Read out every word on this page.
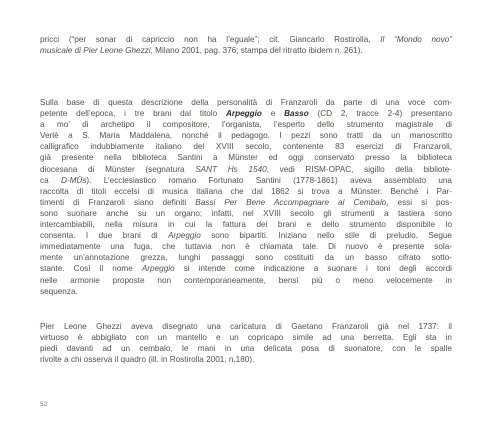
pricci (“per sonar di capriccio non ha l’eguale”; cit. Giancarlo Rostirolla, Il “Mondo novo”
musicale di Pier Leone Ghezzi, Milano 2001, pag. 376; stampa del ritratto ibidem n. 261).
Sulla base di questa descrizione della personalità di Franzaroli da parte di una voce com-
petente dell’epoca, i tre brani dal titolo Arpeggio e Basso (CD 2, tracce 2-4) presentano
a mo’ di archetipo il compositore, l’organista, l’esperto dello strumento magistrale di
Verlè a S. Maria Maddalena, nonché il pedagogo. I pezzi sono tratti da un manoscritto
calligrafico indubbiamente italiano del XVIII secolo, contenente 83 esercizi di Franzaroli,
già presente nella biblioteca Santini a Münster ed oggi conservato presso la biblioteca
diocesana di Münster (segnatura SANT Hs 1540, vedi RISM-OPAC, sigillo della bibliote-
ca D-MÜs). L’ecclesiastico romano Fortunato Santini (1778-1861) aveva assemblato una
raccolta di titoli eccelsi di musica italiana che dal 1862 si trova a Münster. Benché i Par-
timenti di Franzaroli siano definiti Bassi Per Bene Accompagnare al Cembalo, essi si pos-
sono suonare anche su un organo; infatti, nel XVIII secolo gli strumenti a tastiera sono
intercambiabili, nella misura in cui la fattura dei brani e dello strumento disponibile lo
consenta. I due brani di Arpeggio sono bipartiti. Iniziano nello stile di preludio. Segue
immediatamente una fuga, che tuttavia non è chiamata tale. Di nuovo è presente sola-
mente un’annotazione grezza, lunghi passaggi sono costituiti da un basso cifrato sotto-
stante. Così il nome Arpeggio si intende come indicazione a suonare i toni degli accordi
nelle armonie proposte non contemporaneamente, bensì più o meno velocemente in
sequenza.
Pier Leone Ghezzi aveva disegnato una caricatura di Gaetano Franzaroli già nel 1737: il
virtuoso è abbigliato con un mantello e un copricapo simile ad una berretta. Egli sta in
piedi davanti ad un cembalo, le mani in una delicata posa di suonatore, con le spalle
rivolte a chi osserva il quadro (ill. in Rostirolla 2001, n.180).
52
